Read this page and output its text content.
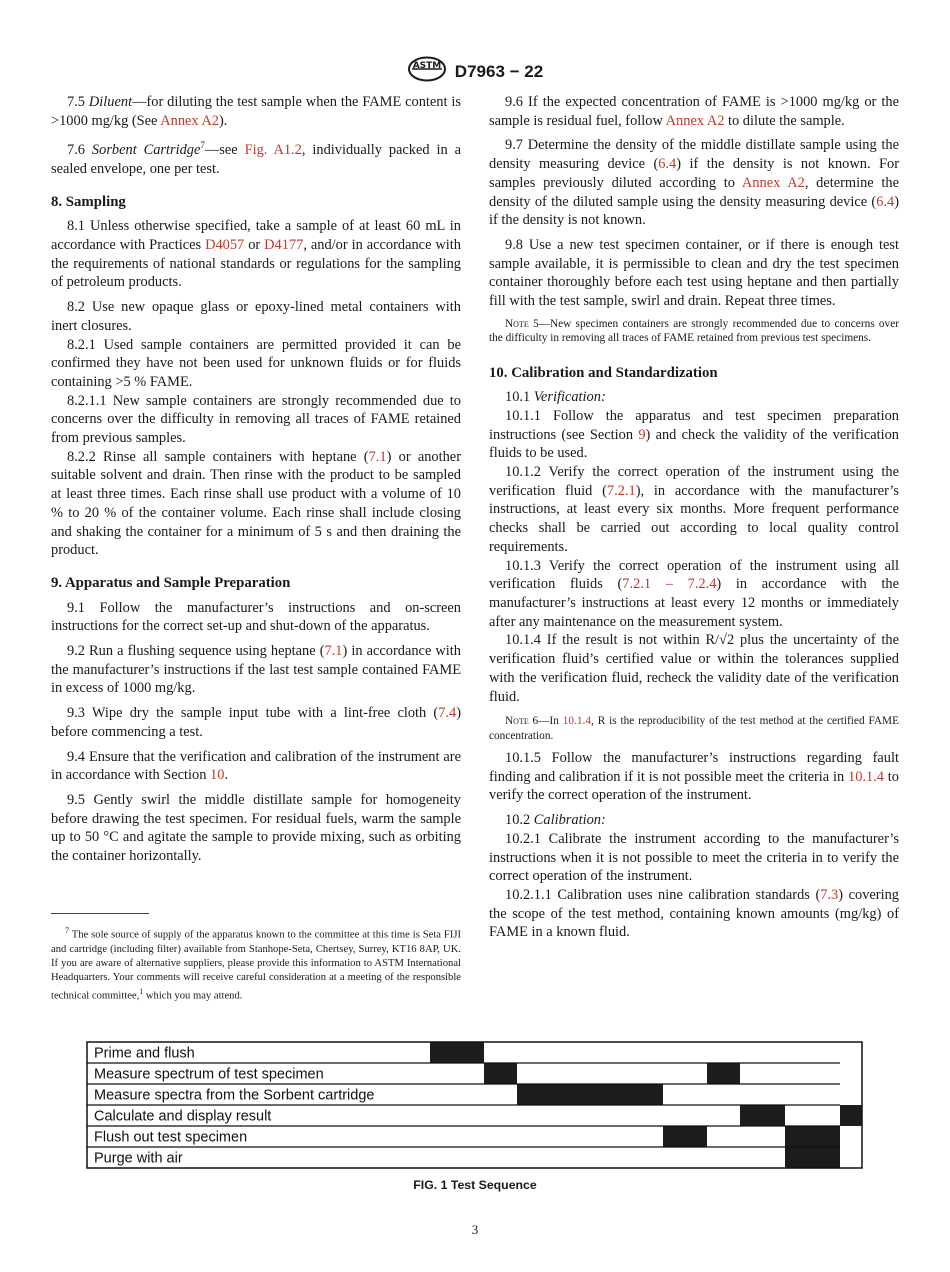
ASTM D7963 − 22

7.5 Diluent—for diluting the test sample when the FAME content is >1000 mg/kg (See Annex A2).

7.6 Sorbent Cartridge$^7$—see Fig. A1.2, individually packed in a sealed envelope, one per test.

8. Sampling

8.1 Unless otherwise specified, take a sample of at least 60 mL in accordance with Practices D4057 or D4177, and/or in accordance with the requirements of national standards or regulations for the sampling of petroleum products.

8.2 Use new opaque glass or epoxy-lined metal containers with inert closures.

8.2.1 Used sample containers are permitted provided it can be confirmed they have not been used for unknown fluids or for fluids containing >5 % FAME.

8.2.1.1 New sample containers are strongly recommended due to concerns over the difficulty in removing all traces of FAME retained from previous samples.

8.2.2 Rinse all sample containers with heptane (7.1) or another suitable solvent and drain. Then rinse with the product to be sampled at least three times. Each rinse shall use product with a volume of 10 % to 20 % of the container volume. Each rinse shall include closing and shaking the container for a minimum of 5 s and then draining the product.

9. Apparatus and Sample Preparation

9.1 Follow the manufacturer’s instructions and on-screen instructions for the correct set-up and shut-down of the apparatus.

9.2 Run a flushing sequence using heptane (7.1) in accordance with the manufacturer’s instructions if the last test sample contained FAME in excess of 1000 mg/kg.

9.3 Wipe dry the sample input tube with a lint-free cloth (7.4) before commencing a test.

9.4 Ensure that the verification and calibration of the instrument are in accordance with Section 10.

9.5 Gently swirl the middle distillate sample for homogeneity before drawing the test specimen. For residual fuels, warm the sample up to 50 °C and agitate the sample to provide mixing, such as orbiting the container horizontally.

$^7$ The sole source of supply of the apparatus known to the committee at this time is Seta FIJI and cartridge (including filter) available from Stanhope-Seta, Chertsey, Surrey, KT16 8AP, UK. If you are aware of alternative suppliers, please provide this information to ASTM International Headquarters. Your comments will receive careful consideration at a meeting of the responsible technical committee,$^1$ which you may attend.

9.6 If the expected concentration of FAME is >1000 mg/kg or the sample is residual fuel, follow Annex A2 to dilute the sample.

9.7 Determine the density of the middle distillate sample using the density measuring device (6.4) if the density is not known. For samples previously diluted according to Annex A2, determine the density of the diluted sample using the density measuring device (6.4) if the density is not known.

9.8 Use a new test specimen container, or if there is enough test sample available, it is permissible to clean and dry the test specimen container thoroughly before each test using heptane and then partially fill with the test sample, swirl and drain. Repeat three times.

Note 5—New specimen containers are strongly recommended due to concerns over the difficulty in removing all traces of FAME retained from previous test specimens.
10. Calibration and Standardization

10.1 Verification:

10.1.1 Follow the apparatus and test specimen preparation instructions (see Section 9) and check the validity of the verification fluids to be used.

10.1.2 Verify the correct operation of the instrument using the verification fluid (7.2.1), in accordance with the manufacturer’s instructions, at least every six months. More frequent performance checks shall be carried out according to local quality control requirements.

10.1.3 Verify the correct operation of the instrument using all verification fluids (7.2.1 – 7.2.4) in accordance with the manufacturer’s instructions at least every 12 months or immediately after any maintenance on the measurement system.

10.1.4 If the result is not within R/√2 plus the uncertainty of the verification fluid’s certified value or within the tolerances supplied with the verification fluid, recheck the validity date of the verification fluid.

Note 6—In 10.1.4, R is the reproducibility of the test method at the certified FAME concentration.

10.1.5 Follow the manufacturer’s instructions regarding fault finding and calibration if it is not possible meet the criteria in 10.1.4 to verify the correct operation of the instrument.

10.2 Calibration:

10.2.1 Calibrate the instrument according to the manufacturer’s instructions when it is not possible to meet the criteria in to verify the correct operation of the instrument.

10.2.1.1 Calibration uses nine calibration standards (7.3) covering the scope of the test method, containing known amounts (mg/kg) of FAME in a known fluid.

Prime and flush
Measure spectrum of test specimen
Measure spectra from the Sorbent cartridge
Calculate and display result
Flush out test specimen
Purge with air
FIG. 1 Test Sequence
3
